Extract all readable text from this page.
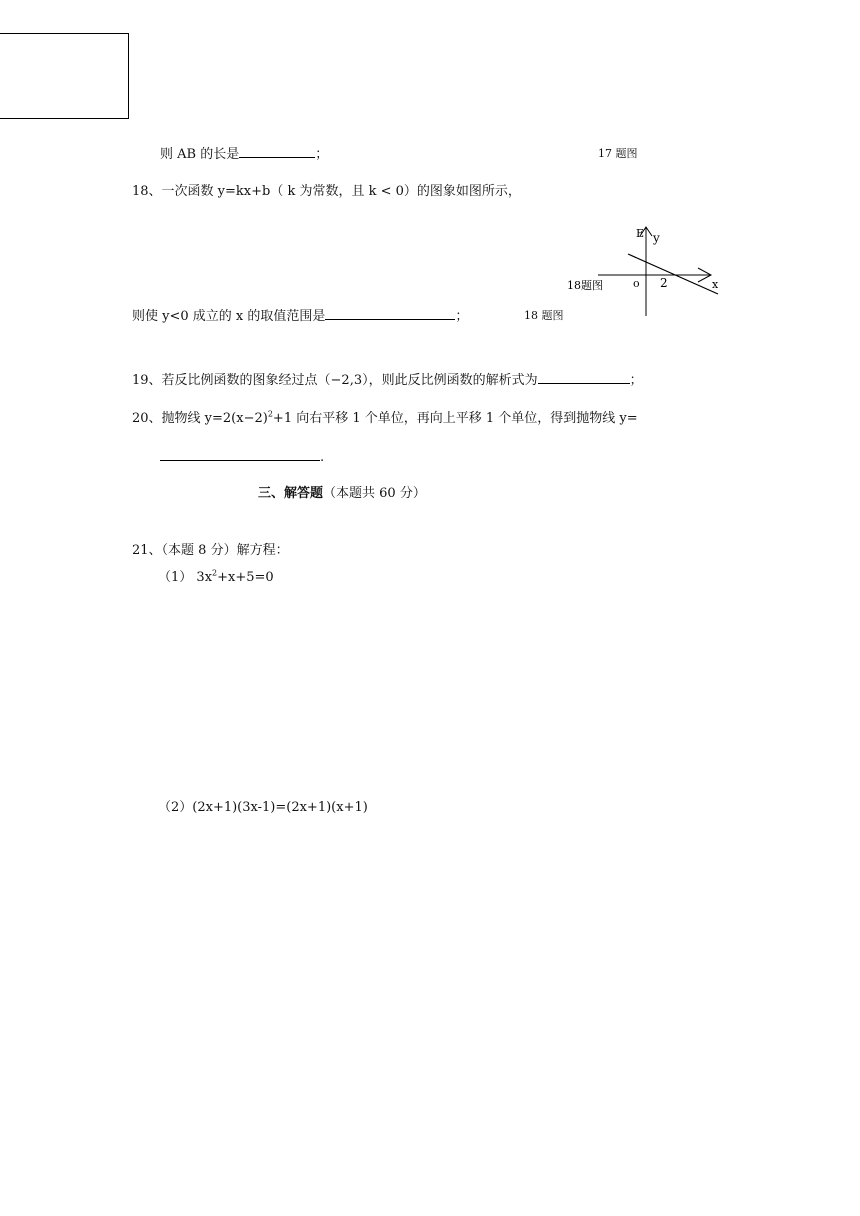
则 AB 的长是	；	17 题图
18、一次函数 y=kx+b（ k 为常数，且 k < 0）的图象如图所示，
18题图	o 2	x
y
E
则使 y<0 成立的 x 的取值范围是	；	18 题图
19、若反比例函数的图象经过点（−2,3），则此反比例函数的解析式为	；
20、抛物线 $y=2(x-2)^2+1$ 向右平移 1 个单位，再向上平移 1 个单位，得到抛物线 y=
.
三、解答题（本题共 60 分）
21、（本题 8 分）解方程：
（1） $3x^2+x+5=0$
（2）(2x+1)(3x-1)=(2x+1)(x+1)
